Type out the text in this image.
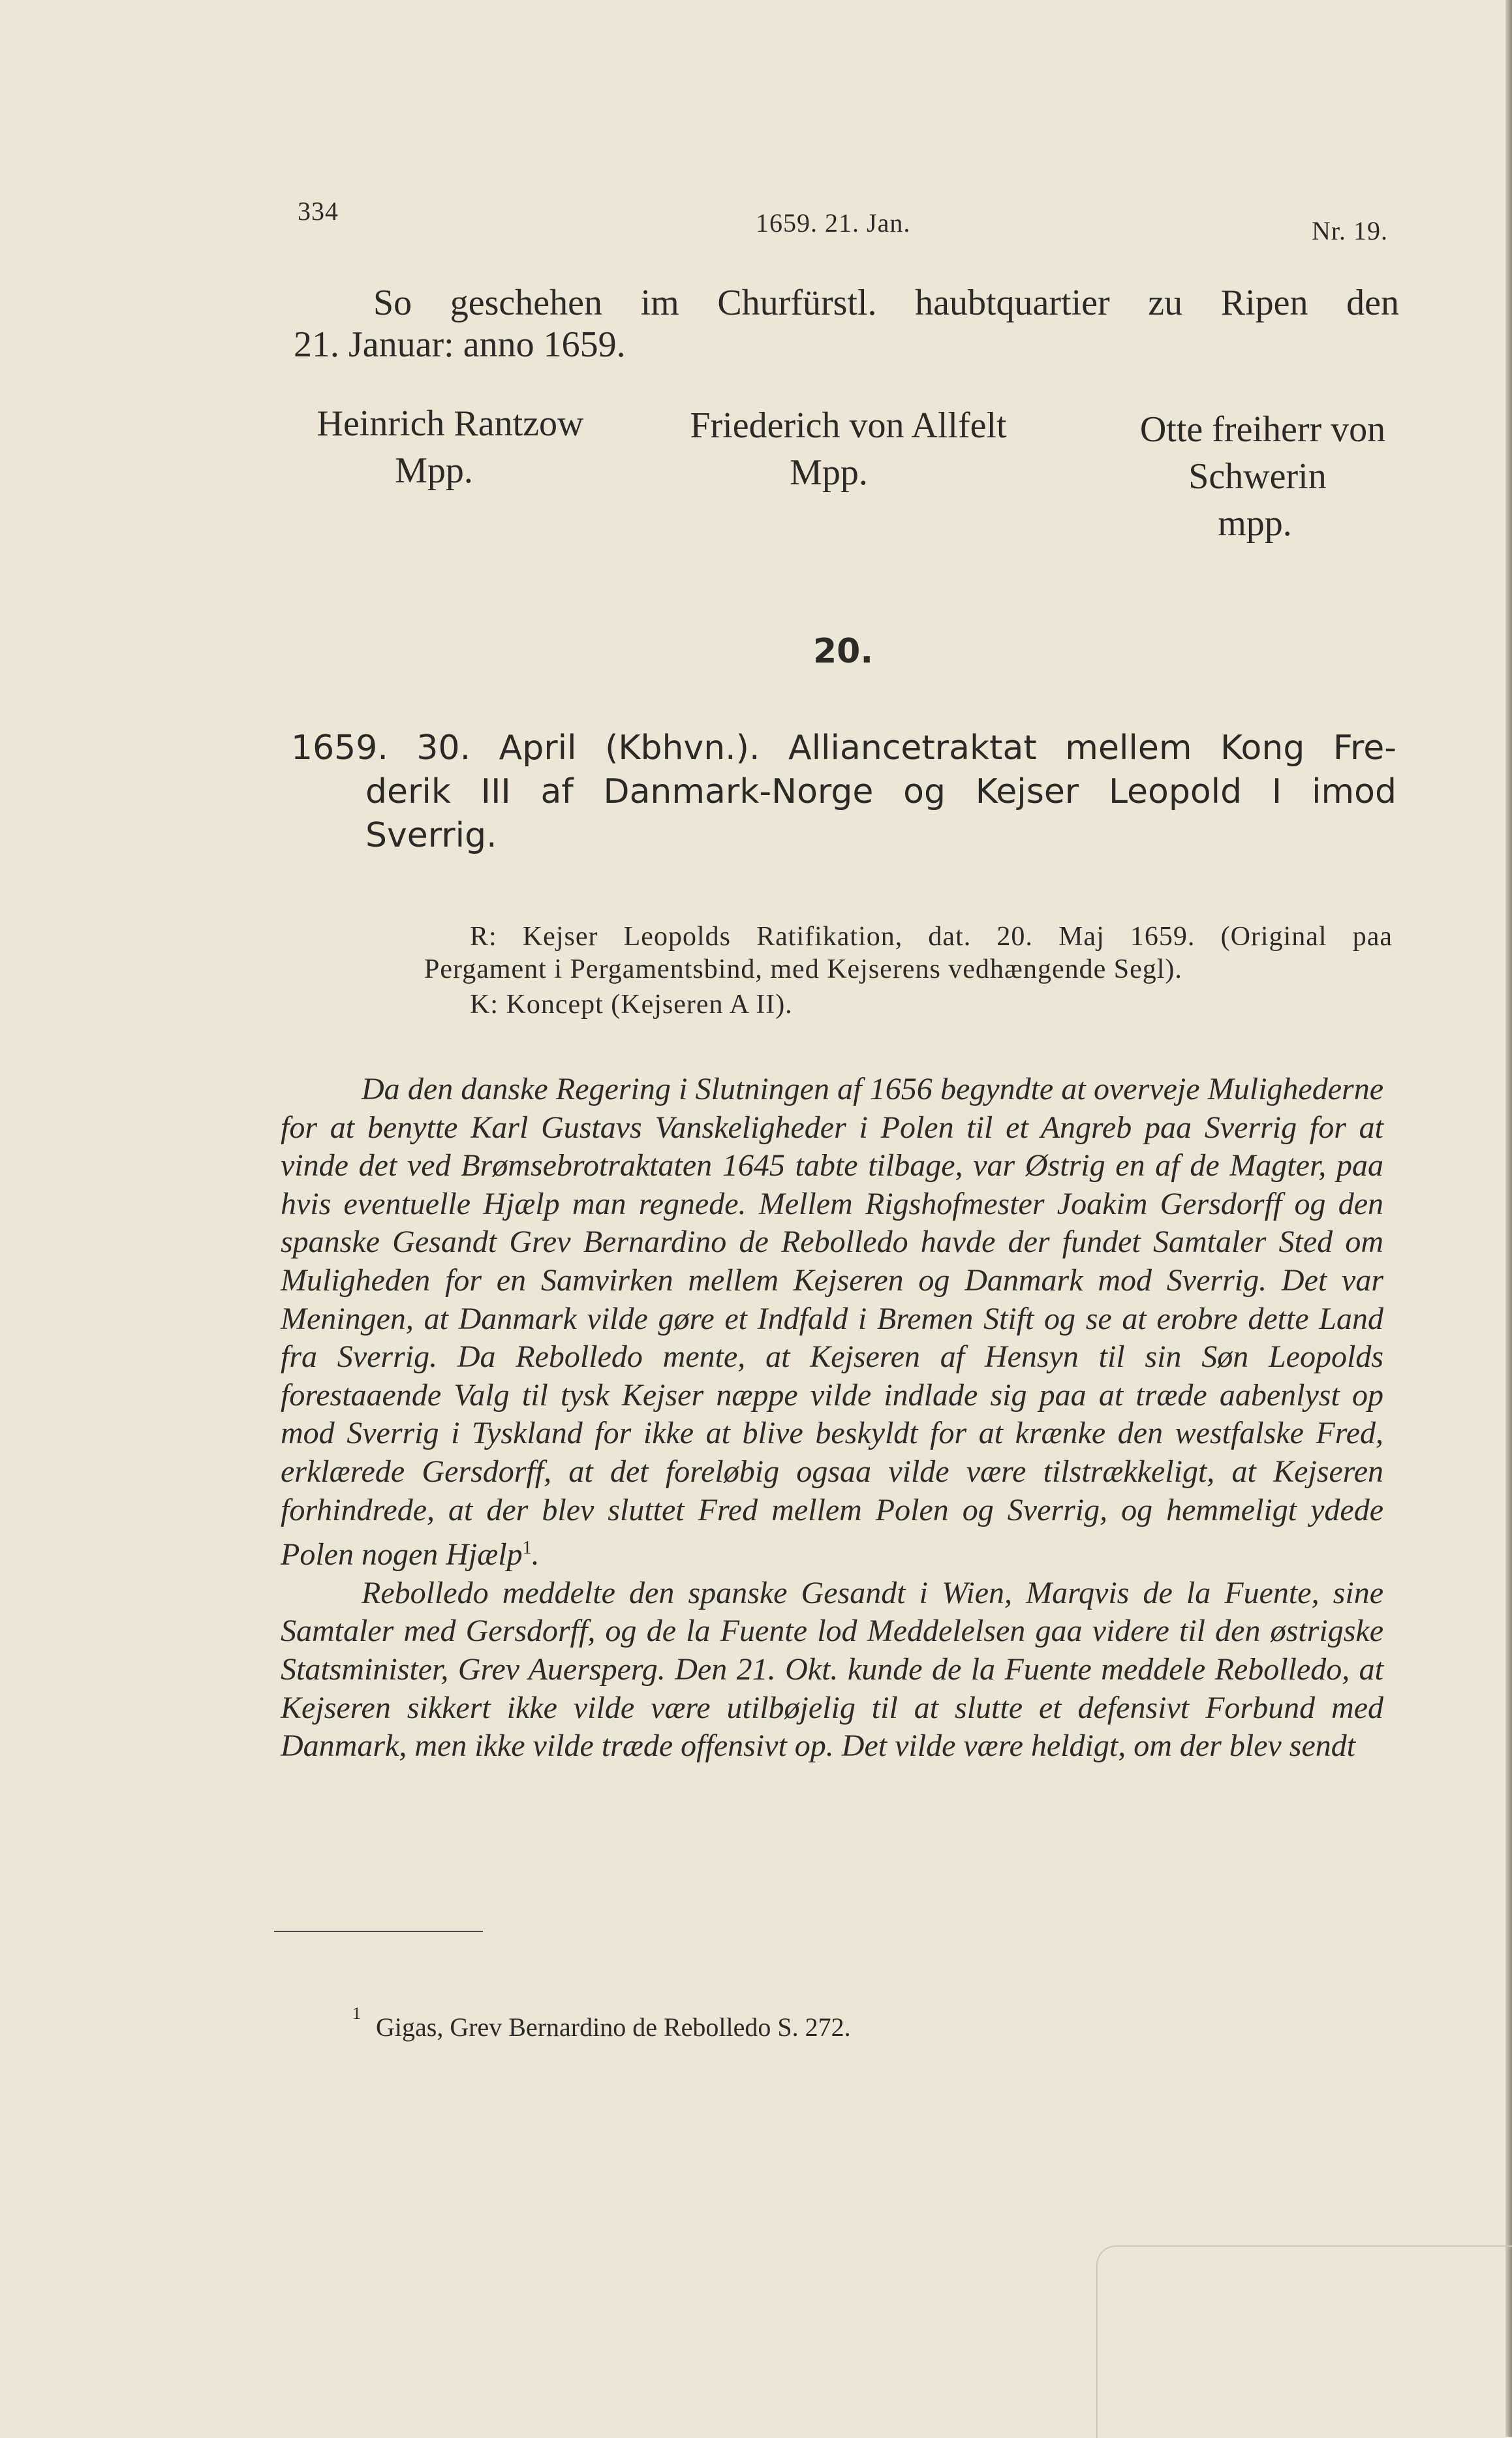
334	1659. 21. Jan.	Nr. 19.
So geschehen im Churfürstl. haubtquartier zu Ripen den
21. Januar: anno 1659.
Heinrich Rantzow
Mpp.
Friederich von Allfelt
Mpp.
Otte freiherr von
Schwerin
mpp.
20.
1659. 30. April (Kbhvn.). Alliancetraktat mellem Kong Fre-
derik III af Danmark-Norge og Kejser Leopold I imod
Sverrig.
R: Kejser Leopolds Ratifikation, dat. 20. Maj 1659. (Original paa
Pergament i Pergamentsbind, med Kejserens vedhængende Segl).
K: Koncept (Kejseren A II).

Da den danske Regering i Slutningen af 1656 begyndte at overveje Mulighederne for at benytte Karl Gustavs Vanskeligheder i Polen til et Angreb paa Sverrig for at vinde det ved Brømsebrotraktaten 1645 tabte tilbage, var Østrig en af de Magter, paa hvis eventuelle Hjælp man regnede. Mellem Rigshofmester Joakim Gersdorff og den spanske Gesandt Grev Bernardino de Rebolledo havde der fundet Samtaler Sted om Muligheden for en Samvirken mellem Kejseren og Danmark mod Sverrig. Det var Meningen, at Danmark vilde gøre et Indfald i Bremen Stift og se at erobre dette Land fra Sverrig. Da Rebolledo mente, at Kejseren af Hensyn til sin Søn Leopolds forestaaende Valg til tysk Kejser næppe vilde indlade sig paa at træde aabenlyst op mod Sverrig i Tyskland for ikke at blive beskyldt for at krænke den westfalske Fred, erklærede Gersdorff, at det foreløbig ogsaa vilde være tilstrækkeligt, at Kejseren forhindrede, at der blev sluttet Fred mellem Polen og Sverrig, og hemmeligt ydede Polen nogen Hjælp$^1$.

Rebolledo meddelte den spanske Gesandt i Wien, Marqvis de la Fuente, sine Samtaler med Gersdorff, og de la Fuente lod Meddelelsen gaa videre til den østrigske Statsminister, Grev Auersperg. Den 21. Okt. kunde de la Fuente meddele Rebolledo, at Kejseren sikkert ikke vilde være utilbøjelig til at slutte et defensivt Forbund med Danmark, men ikke vilde træde offensivt op. Det vilde være heldigt, om der blev sendt

1 Gigas, Grev Bernardino de Rebolledo S. 272.
